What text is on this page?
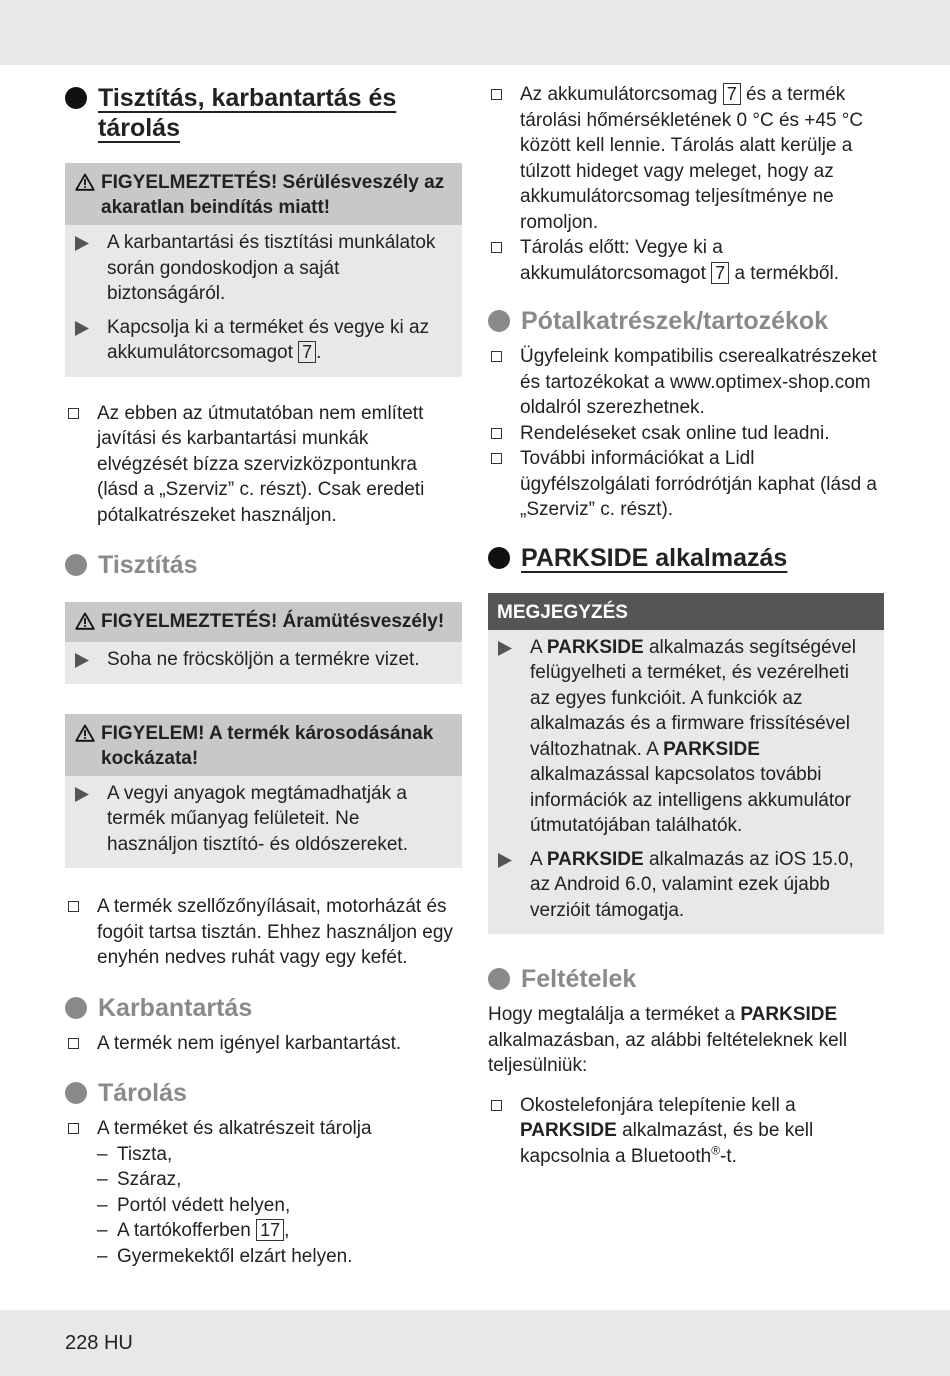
Tisztítás, karbantartás és tárolás
FIGYELMEZTETÉS! Sérülésveszély az akaratlan beindítás miatt!
A karbantartási és tisztítási munkálatok során gondoskodjon a saját biztonságáról.
Kapcsolja ki a terméket és vegye ki az akkumulátorcsomagot 7 .
Az ebben az útmutatóban nem említett javítási és karbantartási munkák elvégzését bízza szervizközpontunkra (lásd a „Szerviz” c. részt). Csak eredeti pótalkatrészeket használjon.
Tisztítás
FIGYELMEZTETÉS! Áramütésveszély!
Soha ne fröcsköljön a termékre vizet.
FIGYELEM! A termék károsodásának kockázata!
A vegyi anyagok megtámadhatják a termék műanyag felületeit. Ne használjon tisztító- és oldószereket.
A termék szellőzőnyílásait, motorházát és fogóit tartsa tisztán. Ehhez használjon egy enyhén nedves ruhát vagy egy kefét.
Karbantartás
A termék nem igényel karbantartást.
Tárolás
A terméket és alkatrészeit tárolja
– Tiszta,
– Száraz,
– Portól védett helyen,
– A tartókofferben 17 ,
– Gyermekektől elzárt helyen.
Az akkumulátorcsomag 7 és a termék tárolási hőmérsékletének 0 °C és +45 °C között kell lennie. Tárolás alatt kerülje a túlzott hideget vagy meleget, hogy az akkumulátorcsomag teljesítménye ne romoljon.
Tárolás előtt: Vegye ki a akkumulátorcsomagot 7 a termékből.
Pótalkatrészek/tartozékok
Ügyfeleink kompatibilis cserealkatrészeket és tartozékokat a www.optimex-shop.com oldalról szerezhetnek.
Rendeléseket csak online tud leadni.
További információkat a Lidl ügyfélszolgálati forródrótján kaphat (lásd a „Szerviz” c. részt).
PARKSIDE alkalmazás
MEGJEGYZÉS
A PARKSIDE alkalmazás segítségével felügyelheti a terméket, és vezérelheti az egyes funkcióit. A funkciók az alkalmazás és a firmware frissítésével változhatnak. A PARKSIDE alkalmazással kapcsolatos további információk az intelligens akkumulátor útmutatójában találhatók.
A PARKSIDE alkalmazás az iOS 15.0, az Android 6.0, valamint ezek újabb verzióit támogatja.
Feltételek
Hogy megtalálja a terméket a PARKSIDE alkalmazásban, az alábbi feltételeknek kell teljesülniük:
Okostelefonjára telepítenie kell a PARKSIDE alkalmazást, és be kell kapcsolnia a Bluetooth®-t.
228 HU
